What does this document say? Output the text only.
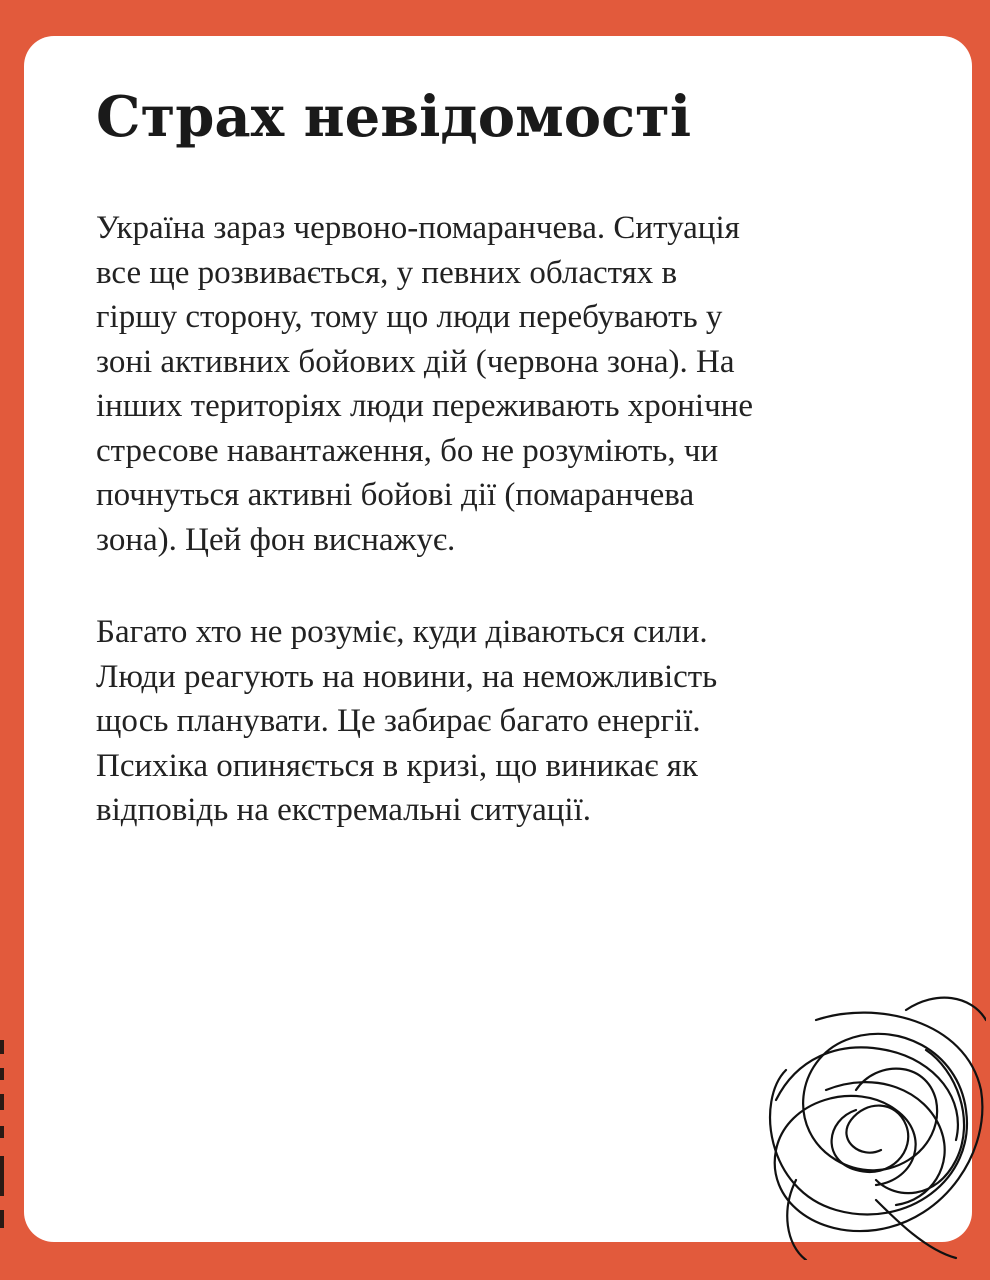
Страх невідомості

Україна зараз червоно-помаранчева. Ситуація
все ще розвивається, у певних областях в
гіршу сторону, тому що люди перебувають у
зоні активних бойових дій (червона зона). На
інших територіях люди переживають хронічне
стресове навантаження, бо не розуміють, чи
почнуться активні бойові дії (помаранчева
зона). Цей фон виснажує.

Багато хто не розуміє, куди діваються сили.
Люди реагують на новини, на неможливість
щось планувати. Це забирає багато енергії.
Психіка опиняється в кризі, що виникає як
відповідь на екстремальні ситуації.
